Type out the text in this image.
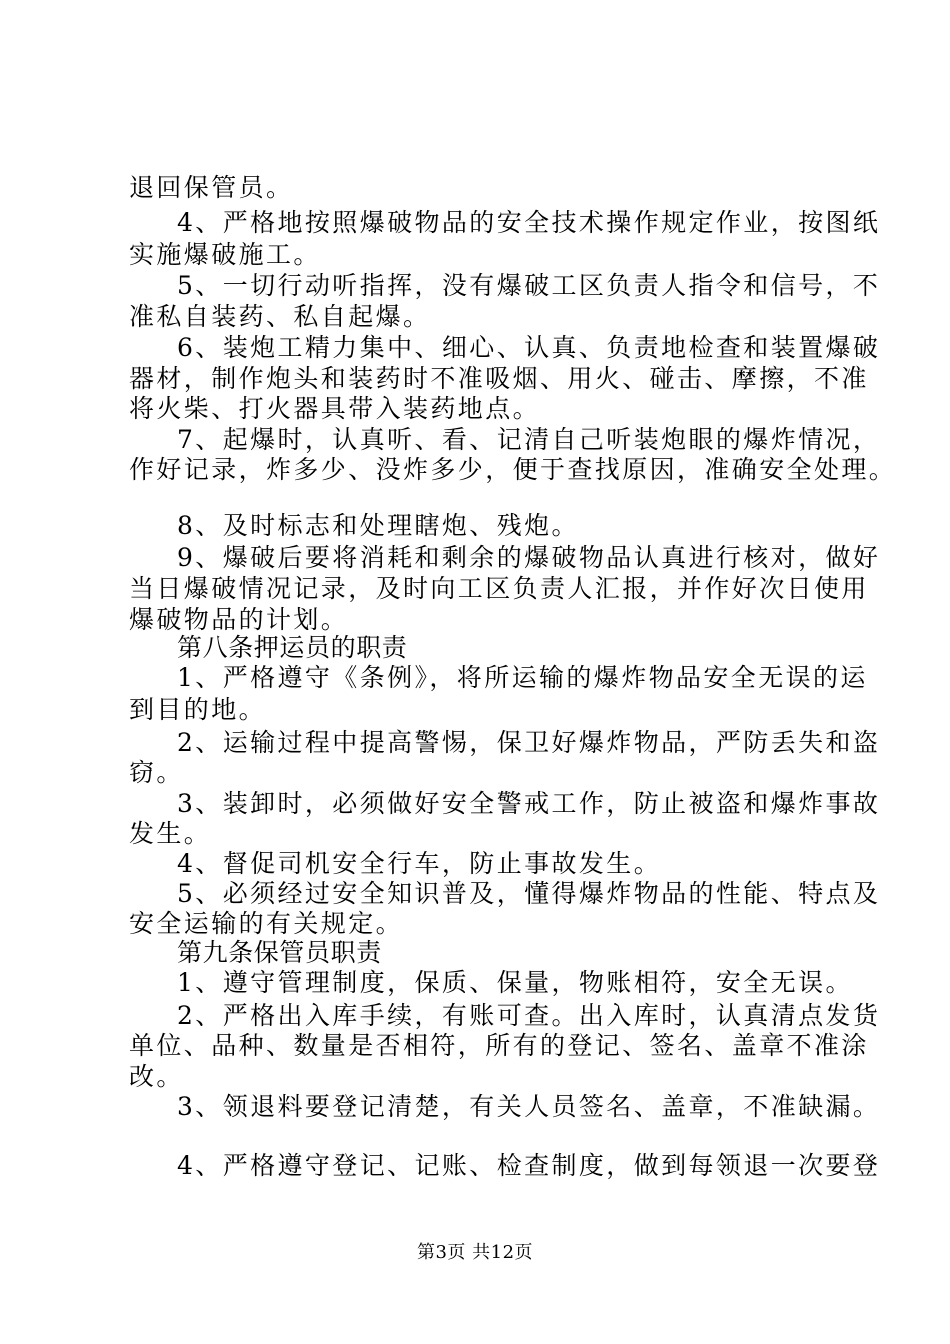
退回保管员。
4、严格地按照爆破物品的安全技术操作规定作业，按图纸
实施爆破施工。
5、一切行动听指挥，没有爆破工区负责人指令和信号，不
准私自装药、私自起爆。
6、装炮工精力集中、细心、认真、负责地检查和装置爆破
器材，制作炮头和装药时不准吸烟、用火、碰击、摩擦，不准
将火柴、打火器具带入装药地点。
7、起爆时，认真听、看、记清自己听装炮眼的爆炸情况，
作好记录，炸多少、没炸多少，便于查找原因，准确安全处理。
8、及时标志和处理瞎炮、残炮。
9、爆破后要将消耗和剩余的爆破物品认真进行核对，做好
当日爆破情况记录，及时向工区负责人汇报，并作好次日使用
爆破物品的计划。
第八条押运员的职责
1、严格遵守《条例》，将所运输的爆炸物品安全无误的运
到目的地。
2、运输过程中提高警惕，保卫好爆炸物品，严防丢失和盗
窃。
3、装卸时，必须做好安全警戒工作，防止被盗和爆炸事故
发生。
4、督促司机安全行车，防止事故发生。
5、必须经过安全知识普及，懂得爆炸物品的性能、特点及
安全运输的有关规定。
第九条保管员职责
1、遵守管理制度，保质、保量，物账相符，安全无误。
2、严格出入库手续，有账可查。出入库时，认真清点发货
单位、品种、数量是否相符，所有的登记、签名、盖章不准涂
改。
3、领退料要登记清楚，有关人员签名、盖章，不准缺漏。
4、严格遵守登记、记账、检查制度，做到每领退一次要登
第3页 共12页
